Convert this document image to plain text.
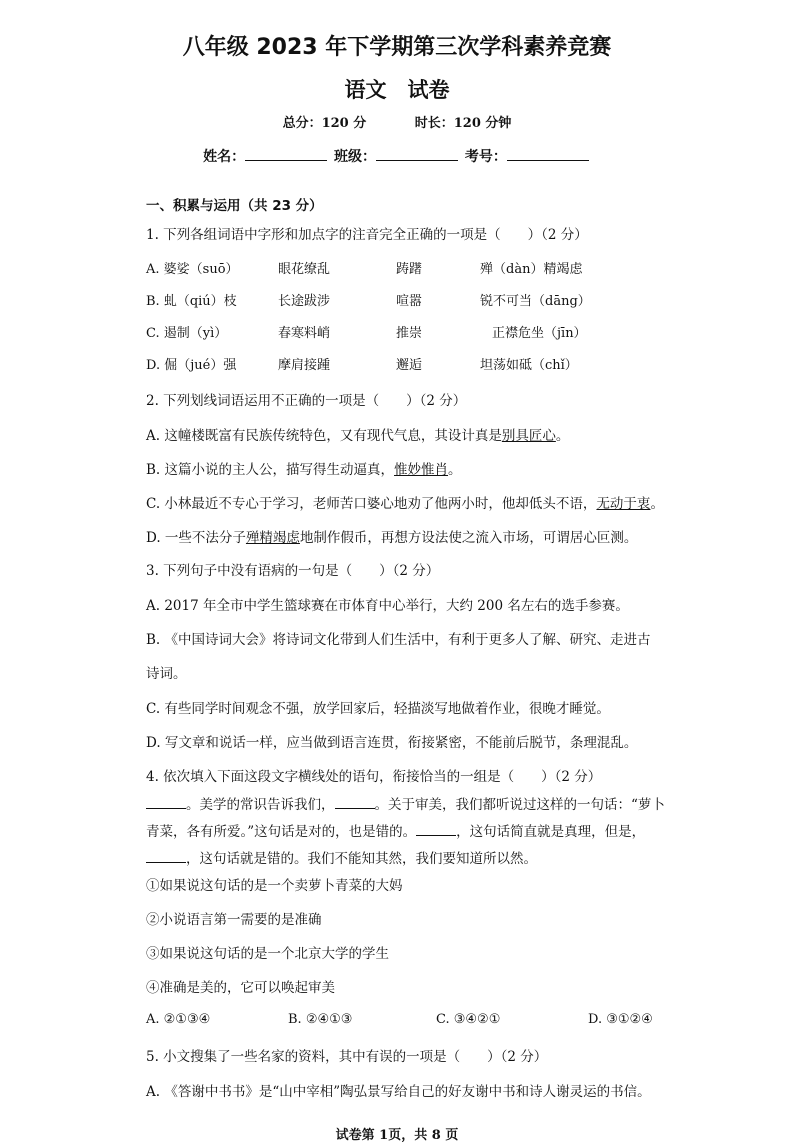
八年级 2023 年下学期第三次学科素养竞赛
语文　试卷
总分：120 分	时长：120 分钟
姓名：	班级：	考号：
一、积累与运用（共 23 分）
1. 下列各组词语中字形和加点字的注音完全正确的一项是（　　）（2 分）
A. 婆娑（suō）	眼花缭乱	踌躇	殚（dàn）精竭虑
B. 虬（qiú）枝	长途跋涉	喧嚣	锐不可当（dāng）
C. 遏制（yì）	春寒料峭	推崇	正襟危坐（jīn）
D. 倔（jué）强	摩肩接踵	邂逅	坦荡如砥（chǐ）
2. 下列划线词语运用不正确的一项是（　　）（2 分）
A. 这幢楼既富有民族传统特色，又有现代气息，其设计真是别具匠心。
B. 这篇小说的主人公，描写得生动逼真，惟妙惟肖。
C. 小林最近不专心于学习，老师苦口婆心地劝了他两小时，他却低头不语，无动于衷。
D. 一些不法分子殚精竭虑地制作假币，再想方设法使之流入市场，可谓居心叵测。
3. 下列句子中没有语病的一句是（　　）（2 分）
A. 2017 年全市中学生篮球赛在市体育中心举行，大约 200 名左右的选手参赛。
B. 《中国诗词大会》将诗词文化带到人们生活中，有利于更多人了解、研究、走进古
诗词。
C. 有些同学时间观念不强，放学回家后，轻描淡写地做着作业，很晚才睡觉。
D. 写文章和说话一样，应当做到语言连贯，衔接紧密，不能前后脱节，条理混乱。
4. 依次填入下面这段文字横线处的语句，衔接恰当的一组是（　　）（2 分）
。美学的常识告诉我们，	。关于审美，我们都听说过这样的一句话：“萝卜青菜，各有所爱。”这句话是对的，也是错的。	，这句话简直就是真理，但是，，这句话就是错的。我们不能知其然，我们要知道所以然。
①如果说这句话的是一个卖萝卜青菜的大妈
②小说语言第一需要的是准确
③如果说这句话的是一个北京大学的学生
④准确是美的，它可以唤起审美
A. ②①③④	B. ②④①③	C. ③④②①	D. ③①②④
5. 小文搜集了一些名家的资料，其中有误的一项是（　　）（2 分）
A. 《答谢中书书》是“山中宰相”陶弘景写给自己的好友谢中书和诗人谢灵运的书信。
试卷第 1页，共 8 页
